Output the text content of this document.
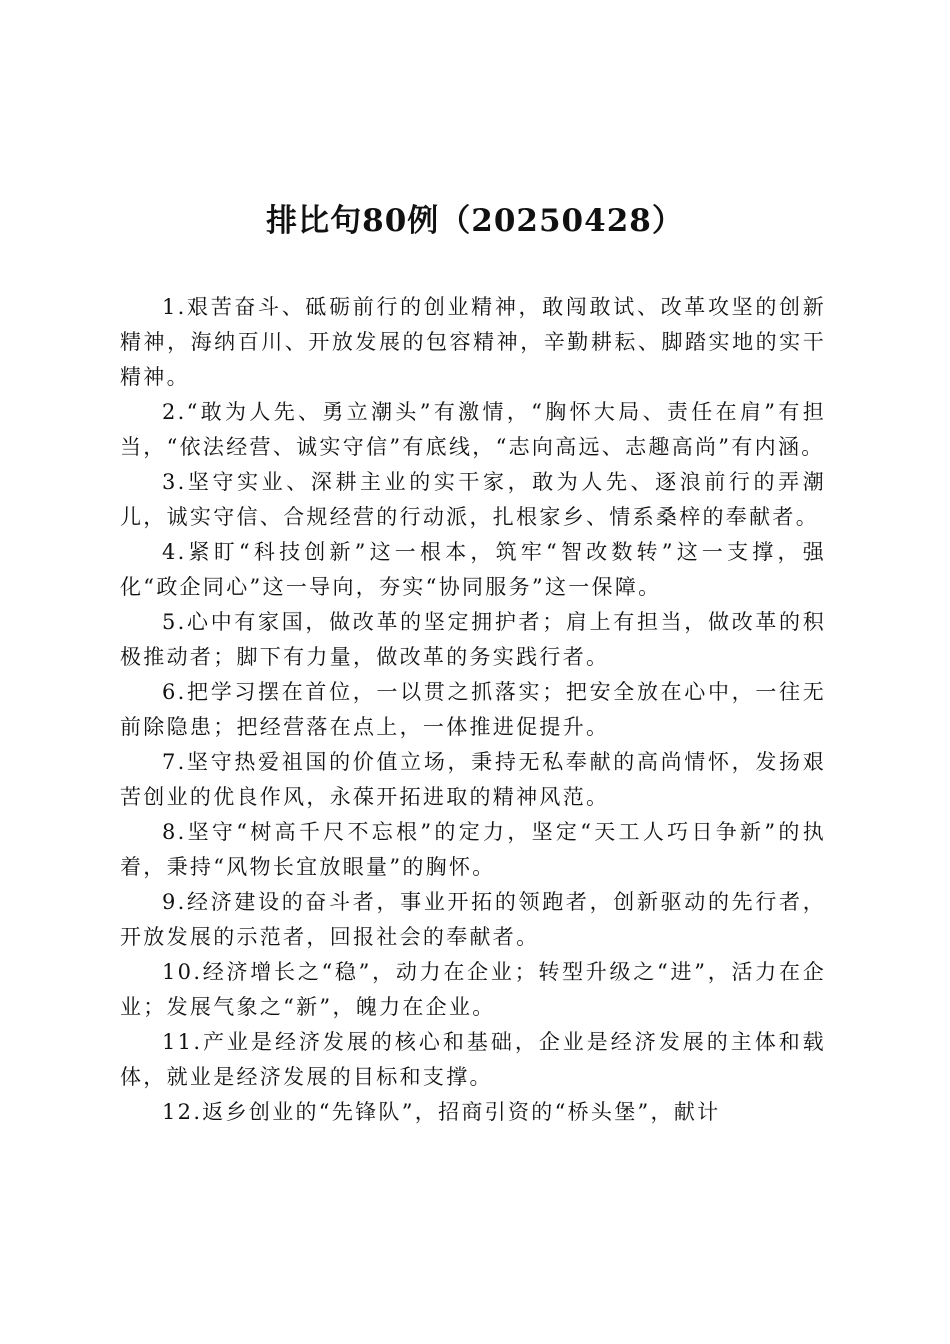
排比句80例（20250428）

1.艰苦奋斗、砥砺前行的创业精神，敢闯敢试、改革攻坚的创新精神，海纳百川、开放发展的包容精神，辛勤耕耘、脚踏实地的实干精神。

2.“敢为人先、勇立潮头”有激情，“胸怀大局、责任在肩”有担当，“依法经营、诚实守信”有底线，“志向高远、志趣高尚”有内涵。

3.坚守实业、深耕主业的实干家，敢为人先、逐浪前行的弄潮儿，诚实守信、合规经营的行动派，扎根家乡、情系桑梓的奉献者。

4.紧盯“科技创新”这一根本，筑牢“智改数转”这一支撑，强化“政企同心”这一导向，夯实“协同服务”这一保障。

5.心中有家国，做改革的坚定拥护者；肩上有担当，做改革的积极推动者；脚下有力量，做改革的务实践行者。

6.把学习摆在首位，一以贯之抓落实；把安全放在心中，一往无前除隐患；把经营落在点上，一体推进促提升。

7.坚守热爱祖国的价值立场，秉持无私奉献的高尚情怀，发扬艰苦创业的优良作风，永葆开拓进取的精神风范。

8.坚守“树高千尺不忘根”的定力，坚定“天工人巧日争新”的执着，秉持“风物长宜放眼量”的胸怀。

9.经济建设的奋斗者，事业开拓的领跑者，创新驱动的先行者，开放发展的示范者，回报社会的奉献者。

10.经济增长之“稳”，动力在企业；转型升级之“进”，活力在企业；发展气象之“新”，魄力在企业。

11.产业是经济发展的核心和基础，企业是经济发展的主体和载体，就业是经济发展的目标和支撑。

12.返乡创业的“先锋队”，招商引资的“桥头堡”，献计
